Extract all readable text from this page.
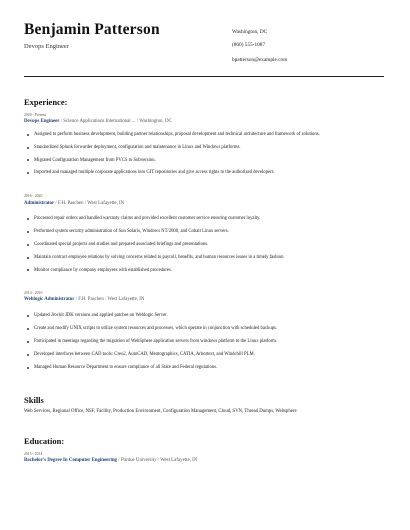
Benjamin Patterson
Devops Engineer
Washington, DC
(860) 555-1087
bpatterson@example.com
Experience:
2020 - Present
Devops Engineer / Science Applications International ... / Washington, DC
Assigned to perform business development, building partner relationships, proposal development and technical architecture and framework of solutions.
Standardized Splunk forwarder deployment, configuration and maintenance in Linux and Windows platforms.
Migrated Configuration Management from PVCS to Subversion.
Imported and managed multiple corporate applications into GIT repositories and give access rights to the authorized developers.
2016 - 2020
Administrator / F.H. Paschen / West Lafayette, IN
Processed repair orders and handled warranty claims and provided excellent customer service ensuring customer loyalty.
Performed system security administration of Sun Solaris, Windows NT/2000, and Cobalt Linux servers.
Coordinated special projects and studies and prepared associated briefings and presentations.
Maintain contract employee relations by solving concerns related to payroll, benefits, and human resources issues in a timely fashion.
Monitor compliance by company employees with established procedures.
2014 - 2016
Weblogic Administrator / F.H. Paschen / West Lafayette, IN
Updated Jrockit JDK versions and applied patches on Weblogic Server.
Create and modify UNIX scripts to utilize system resources and processes, which operate in conjunction with scheduled backups.
Participated in meetings regarding the migration of WebSphere application servers from windows platform to the Linux platform.
Developed interfaces between CAD tools: Creo2, AutoCAD, Mentographics, CATIA, Arbortext, and Windchill PLM.
Managed Human Resource Department to ensure compliance of all State and Federal regulations.
Skills
Web Services, Regional Office, NSF, Facility, Production Environment, Configuration Management, Cloud, SVN, Thread Dumps, Websphere
Education:
2015 - 2014
Bachelor's Degree In Computer Engineering / Purdue University / West Lafayette, IN
